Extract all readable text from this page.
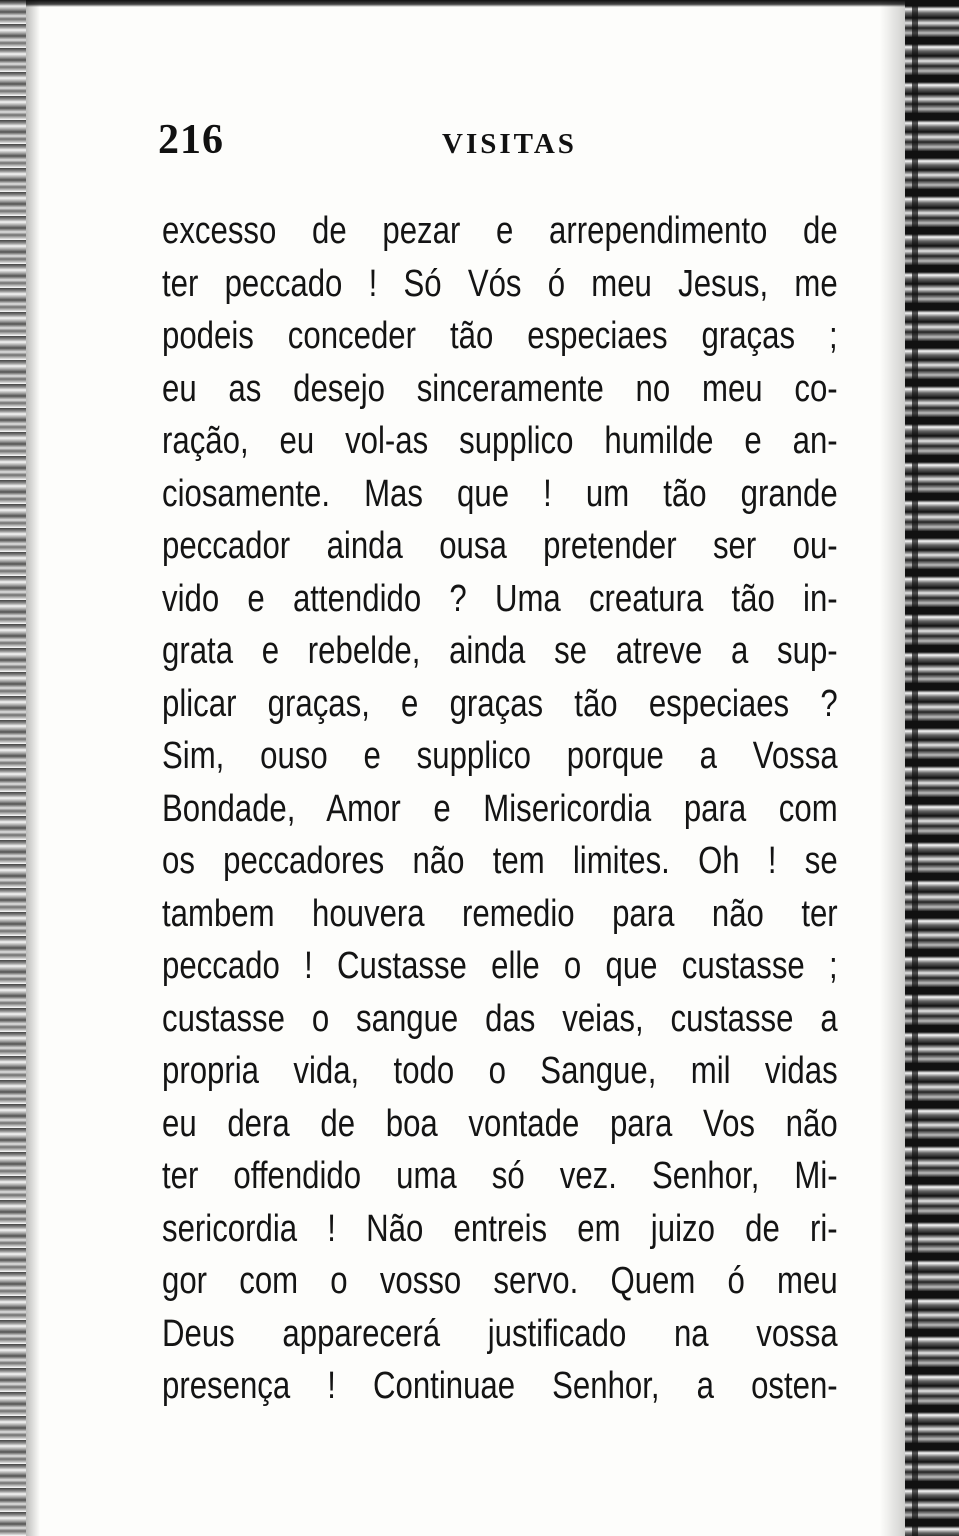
216	VISITAS
excesso de pezar e arrependimento de
ter peccado ! Só Vós ó meu Jesus, me
podeis conceder tão especiaes graças ;
eu as desejo sinceramente no meu co-
ração, eu vol-as supplico humilde e an-
ciosamente. Mas que ! um tão grande
peccador ainda ousa pretender ser ou-
vido e attendido ? Uma creatura tão in-
grata e rebelde, ainda se atreve a sup-
plicar graças, e graças tão especiaes ?
Sim, ouso e supplico porque a Vossa
Bondade, Amor e Misericordia para com
os peccadores não tem limites. Oh ! se
tambem houvera remedio para não ter
peccado ! Custasse elle o que custasse ;
custasse o sangue das veias, custasse a
propria vida, todo o Sangue, mil vidas
eu dera de boa vontade para Vos não
ter offendido uma só vez. Senhor, Mi-
sericordia ! Não entreis em juizo de ri-
gor com o vosso servo. Quem ó meu
Deus apparecerá justificado na vossa
presença ! Continuae Senhor, a osten-
